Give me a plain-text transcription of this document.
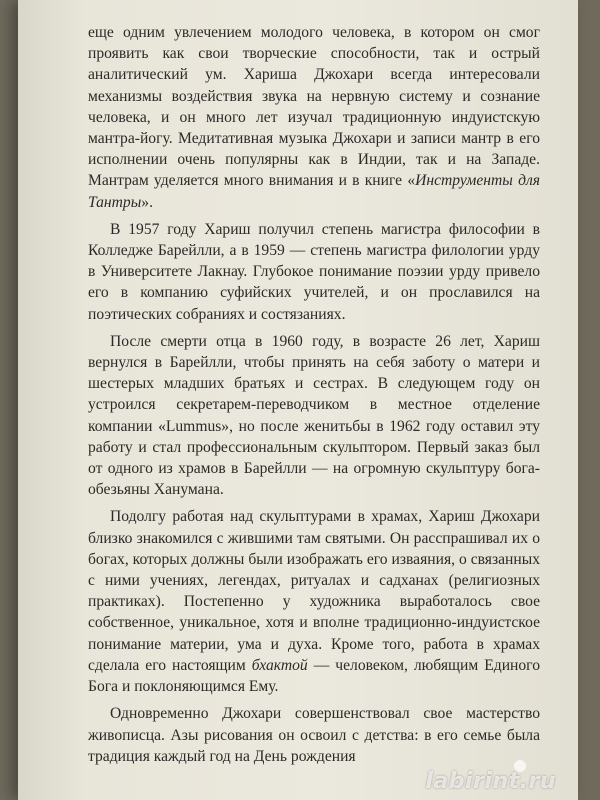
еще одним увлечением молодого человека, в котором он смог проявить как свои творческие способности, так и острый аналитический ум. Хариша Джохари всегда интересовали механизмы воздействия звука на нервную систему и сознание человека, и он много лет изучал традиционную индуистскую мантра-йогу. Медитативная музыка Джохари и записи мантр в его исполнении очень популярны как в Индии, так и на Западе. Мантрам уделяется много внимания и в книге «Инструменты для Тантры».

В 1957 году Хариш получил степень магистра философии в Колледже Барейлли, а в 1959 — степень магистра филологии урду в Университете Лакнау. Глубокое понимание поэзии урду привело его в компанию суфийских учителей, и он прославился на поэтических собраниях и состязаниях.

После смерти отца в 1960 году, в возрасте 26 лет, Хариш вернулся в Барейлли, чтобы принять на себя заботу о матери и шестерых младших братьях и сестрах. В следующем году он устроился секретарем-переводчиком в местное отделение компании «Lummus», но после женитьбы в 1962 году оставил эту работу и стал профессиональным скульптором. Первый заказ был от одного из храмов в Барейлли — на огромную скульптуру бога-обезьяны Ханумана.

Подолгу работая над скульптурами в храмах, Хариш Джохари близко знакомился с жившими там святыми. Он расспрашивал их о богах, которых должны были изображать его изваяния, о связанных с ними учениях, легендах, ритуалах и садханах (религиозных практиках). Постепенно у художника выработалось свое собственное, уникальное, хотя и вполне традиционно-индуистское понимание материи, ума и духа. Кроме того, работа в храмах сделала его настоящим бхактой — человеком, любящим Единого Бога и поклоняющимся Ему.

Одновременно Джохари совершенствовал свое мастерство живописца. Азы рисования он освоил с детства: в его семье была традиция каждый год на День рождения

labirint.ru
